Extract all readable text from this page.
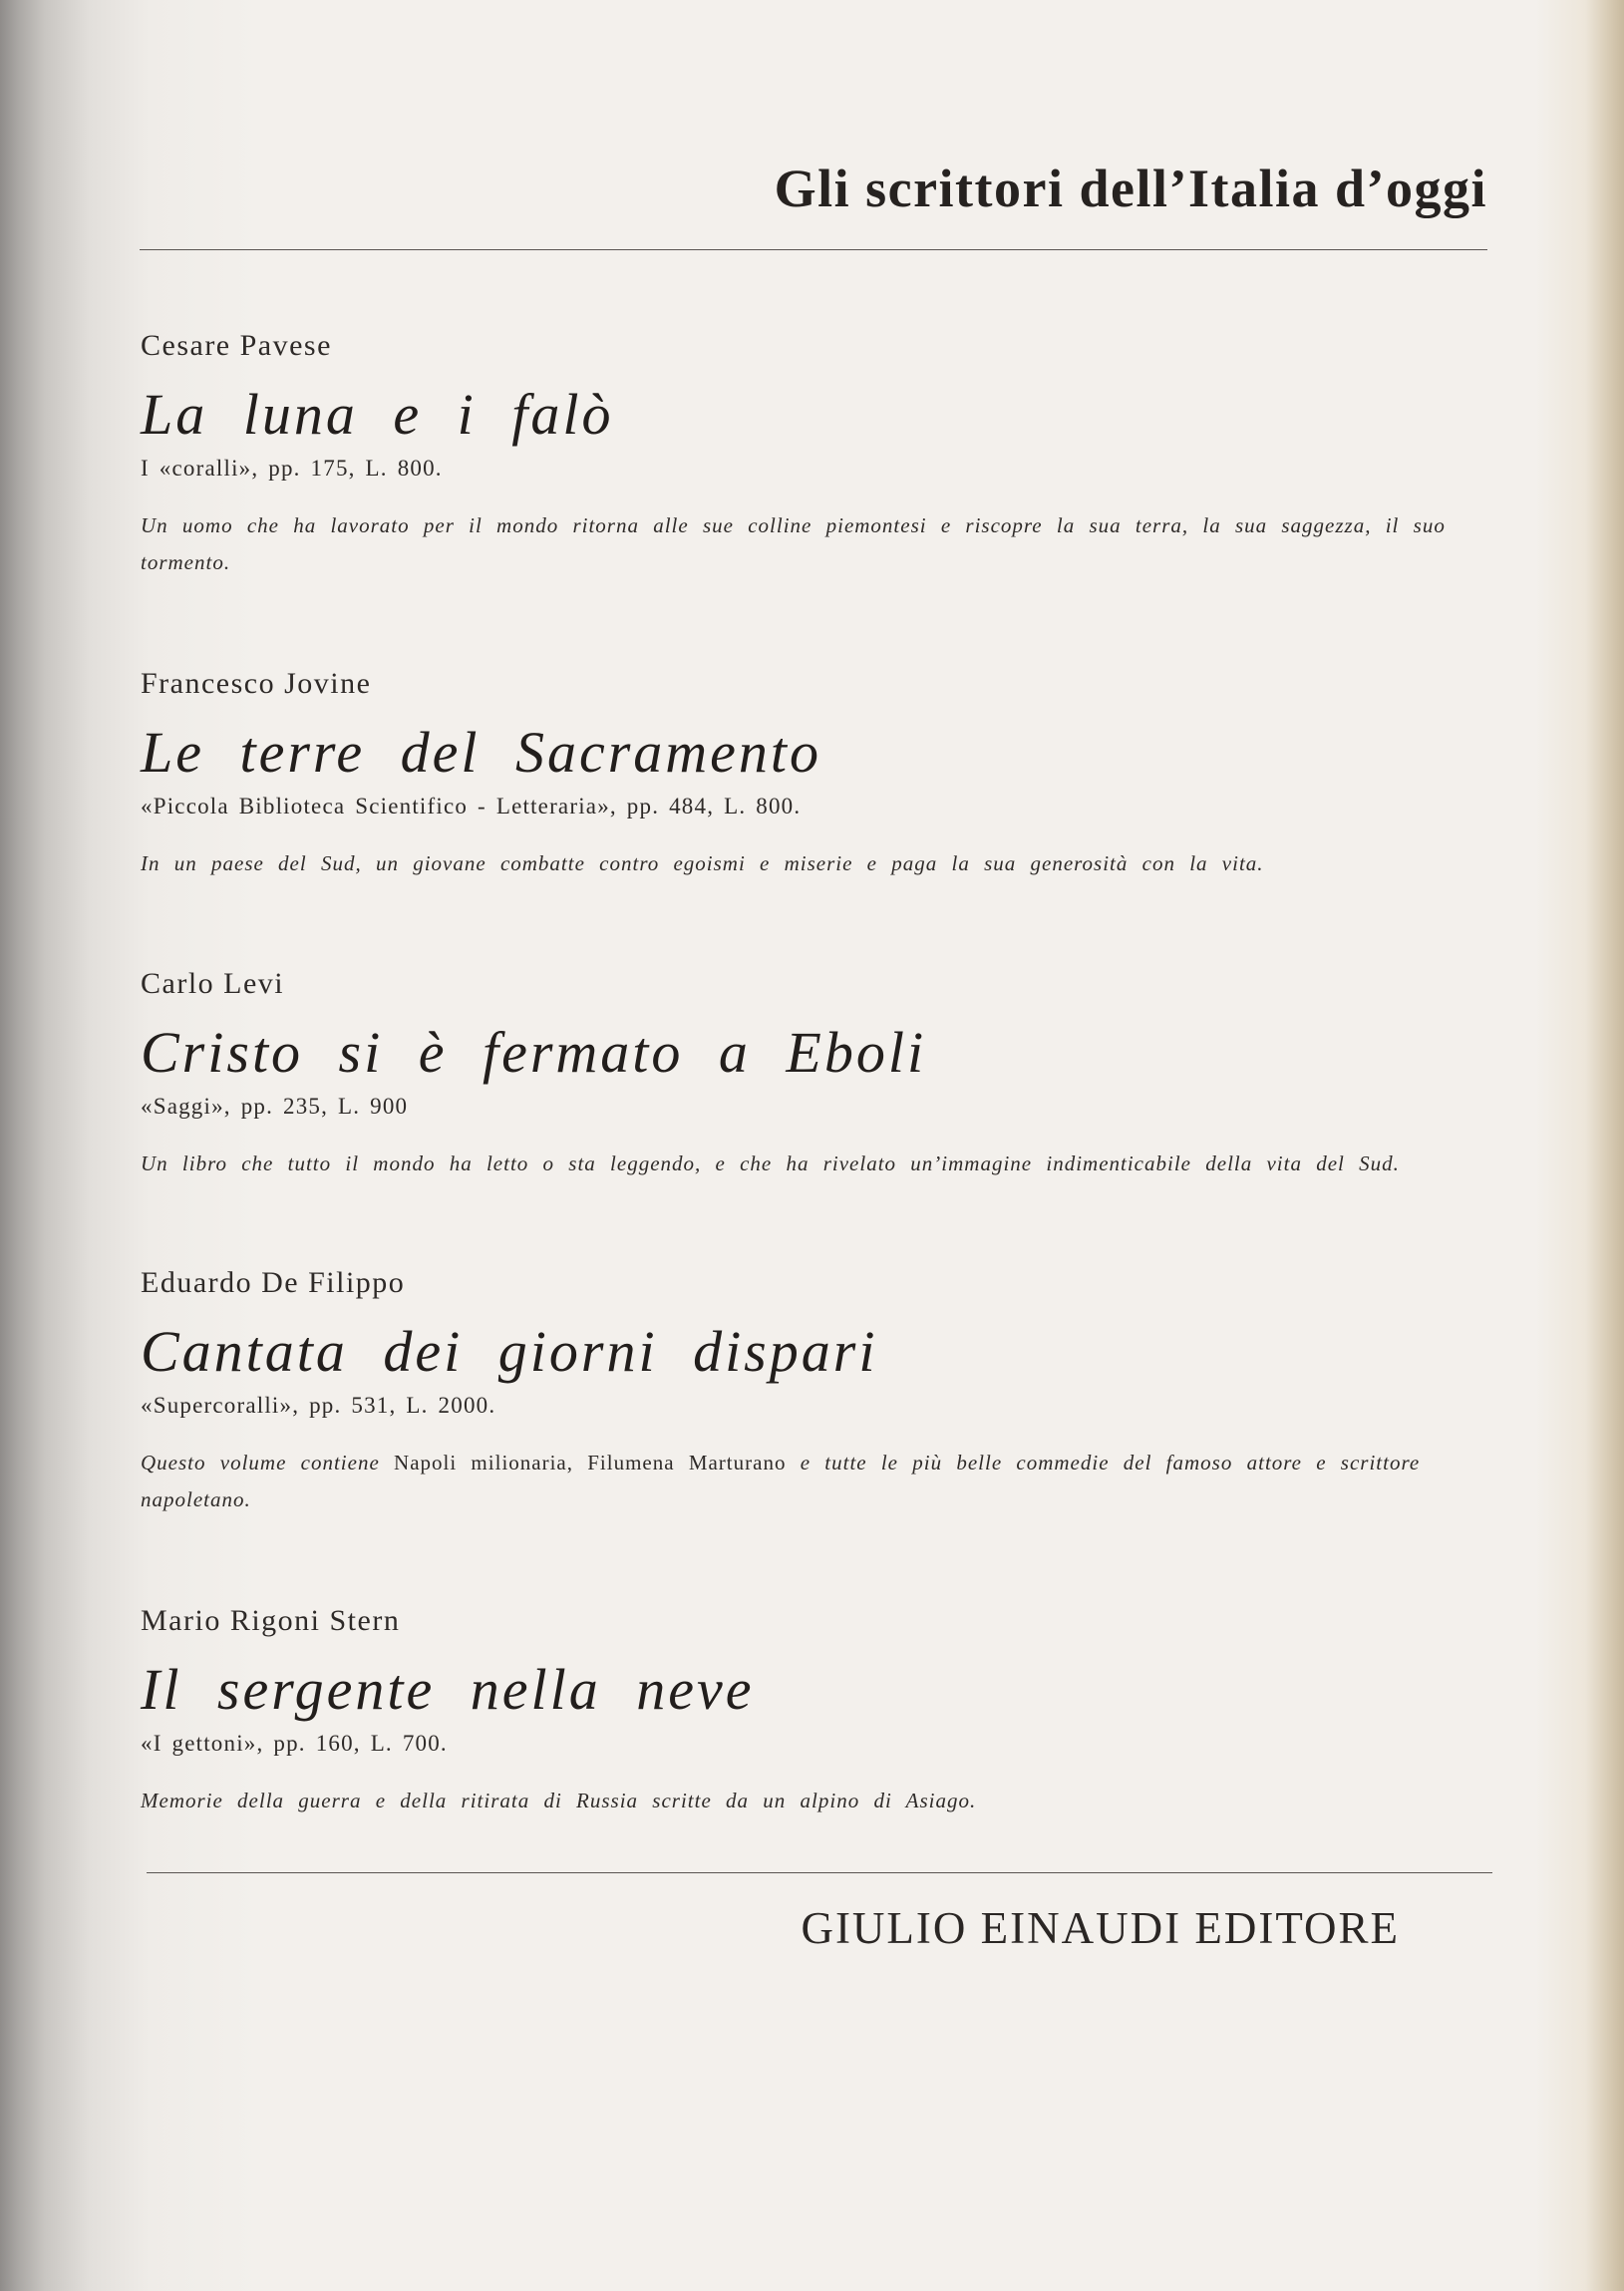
Gli scrittori dell’Italia d’oggi
Cesare Pavese
La luna e i falò
I «coralli», pp. 175, L. 800.
Un uomo che ha lavorato per il mondo ritorna alle sue colline piemontesi e riscopre la sua terra, la sua saggezza, il suo tormento.
Francesco Jovine
Le terre del Sacramento
«Piccola Biblioteca Scientifico - Letteraria», pp. 484, L. 800.
In un paese del Sud, un giovane combatte contro egoismi e miserie e paga la sua generosità con la vita.
Carlo Levi
Cristo si è fermato a Eboli
«Saggi», pp. 235, L. 900
Un libro che tutto il mondo ha letto o sta leggendo, e che ha rivelato un’immagine indimenticabile della vita del Sud.
Eduardo De Filippo
Cantata dei giorni dispari
«Supercoralli», pp. 531, L. 2000.
Questo volume contiene Napoli milionaria, Filumena Marturano e tutte le più belle commedie del famoso attore e scrittore napoletano.
Mario Rigoni Stern
Il sergente nella neve
«I gettoni», pp. 160, L. 700.
Memorie della guerra e della ritirata di Russia scritte da un alpino di Asiago.
GIULIO EINAUDI EDITORE
